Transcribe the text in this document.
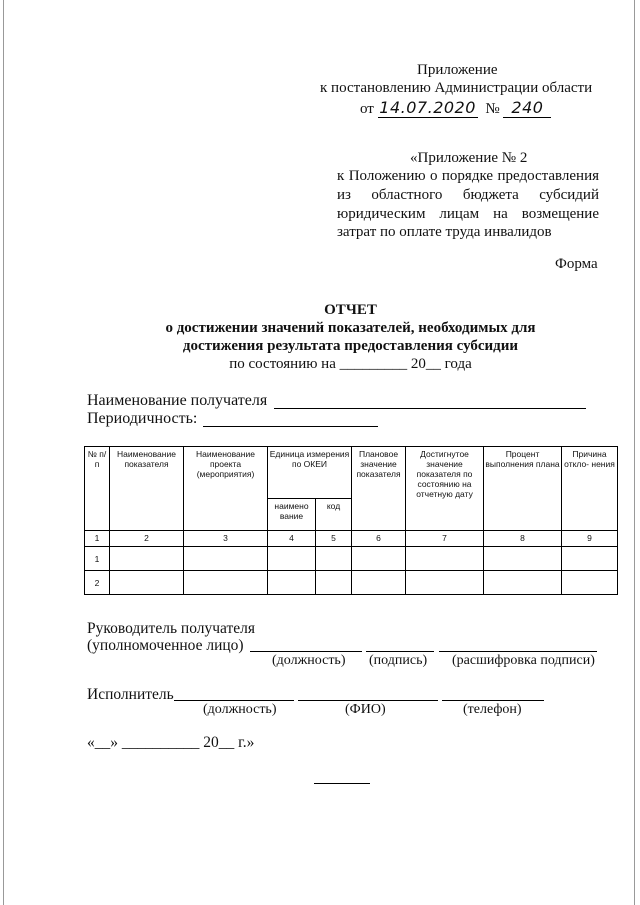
Приложение
к постановлению Администрации области
от 14.07.2020 № 240
«Приложение № 2
к Положению о порядке предоставления
из областного бюджета субсидий
юридическим лицам на возмещение
затрат по оплате труда инвалидов
Форма
ОТЧЕТ
о достижении значений показателей, необходимых для
достижения результата предоставления субсидии
по состоянию на _________ 20__ года
Наименование получателя
Периодичность:
№ п/п	Наименование показателя	Наименование проекта (мероприятия)	Единица измерения по ОКЕИ		Плановое значение показателя	Достигнутое значение показателя по состоянию на отчетную дату	Процент выполнения плана	Причина откло- нения
			наимено вание	код				
1	2	3	4	5	6	7	8	9
1								
2								
Руководитель получателя
(уполномоченное лицо)
(должность) (подпись) (расшифровка подписи)
Исполнитель
(должность)	(ФИО)	(телефон)
«__» __________ 20__ г.»
